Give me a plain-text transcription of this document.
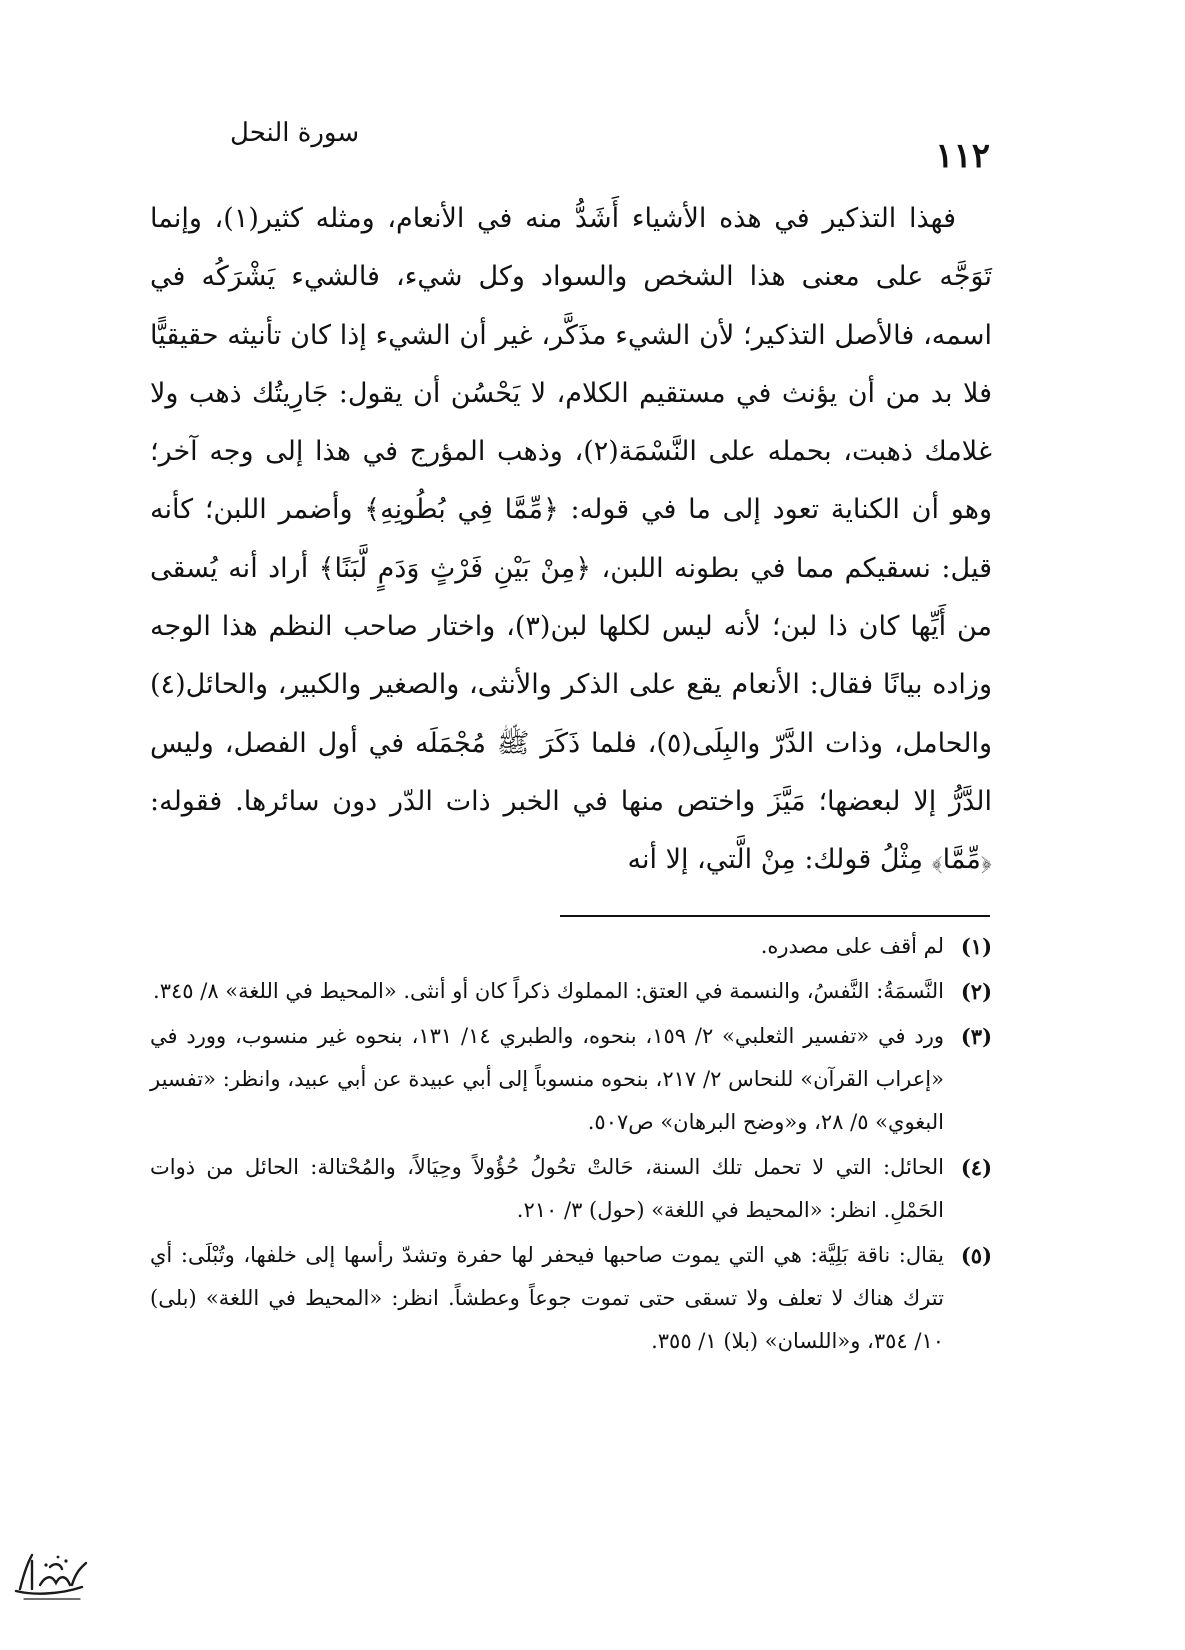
١١٢
سورة النحل

فهذا التذكير في هذه الأشياء أَشَدُّ منه في الأنعام، ومثله كثير(١)، وإنما تَوَجَّه على معنى هذا الشخص والسواد وكل شيء، فالشيء يَشْرَكُه في اسمه، فالأصل التذكير؛ لأن الشيء مذَكَّر، غير أن الشيء إذا كان تأنيثه حقيقيًّا فلا بد من أن يؤنث في مستقيم الكلام، لا يَحْسُن أن يقول: جَارِيتُك ذهب ولا غلامك ذهبت، بحمله على النَّسْمَة(٢)، وذهب المؤرج في هذا إلى وجه آخر؛ وهو أن الكناية تعود إلى ما في قوله: ﴿مِّمَّا فِي بُطُونِهِ﴾ وأضمر اللبن؛ كأنه قيل: نسقيكم مما في بطونه اللبن، ﴿مِنْ بَيْنِ فَرْثٍ وَدَمٍ لَّبَنًا﴾ أراد أنه يُسقى من أَيِّها كان ذا لبن؛ لأنه ليس لكلها لبن(٣)، واختار صاحب النظم هذا الوجه وزاده بيانًا فقال: الأنعام يقع على الذكر والأنثى، والصغير والكبير، والحائل(٤) والحامل، وذات الدَّرّ والبِلَى(٥)، فلما ذَكَرَ ﷺ مُجْمَلَه في أول الفصل، وليس الدَّرُّ إلا لبعضها؛ مَيَّزَ واختص منها في الخبر ذات الدّر دون سائرها. فقوله: ﴿مِّمَّا﴾ مِثْلُ قولك: مِنْ الَّتي، إلا أنه

(١)
لم أقف على مصدره.
(٢)
النَّسمَةُ: النَّفسُ، والنسمة في العتق: المملوك ذكراً كان أو أنثى. «المحيط في اللغة» ٨/ ٣٤٥.
(٣)
ورد في «تفسير الثعلبي» ٢/ ١٥٩، بنحوه، والطبري ١٤/ ١٣١، بنحوه غير منسوب، وورد في «إعراب القرآن» للنحاس ٢/ ٢١٧، بنحوه منسوباً إلى أبي عبيدة عن أبي عبيد، وانظر: «تفسير البغوي» ٥/ ٢٨، و«وضح البرهان» ص٥٠٧.
(٤)
الحائل: التي لا تحمل تلك السنة، حَالتْ تحُولُ حُؤُولاً وحِيَالاً، والمُحْتالة: الحائل من ذوات الحَمْلِ. انظر: «المحيط في اللغة» (حول) ٣/ ٢١٠.
(٥)
يقال: ناقة بَلِيَّة: هي التي يموت صاحبها فيحفر لها حفرة وتشدّ رأسها إلى خلفها، وتُبْلَى: أي تترك هناك لا تعلف ولا تسقى حتى تموت جوعاً وعطشاً. انظر: «المحيط في اللغة» (بلى) ١٠/ ٣٥٤، و«اللسان» (بلا) ١/ ٣٥٥.
